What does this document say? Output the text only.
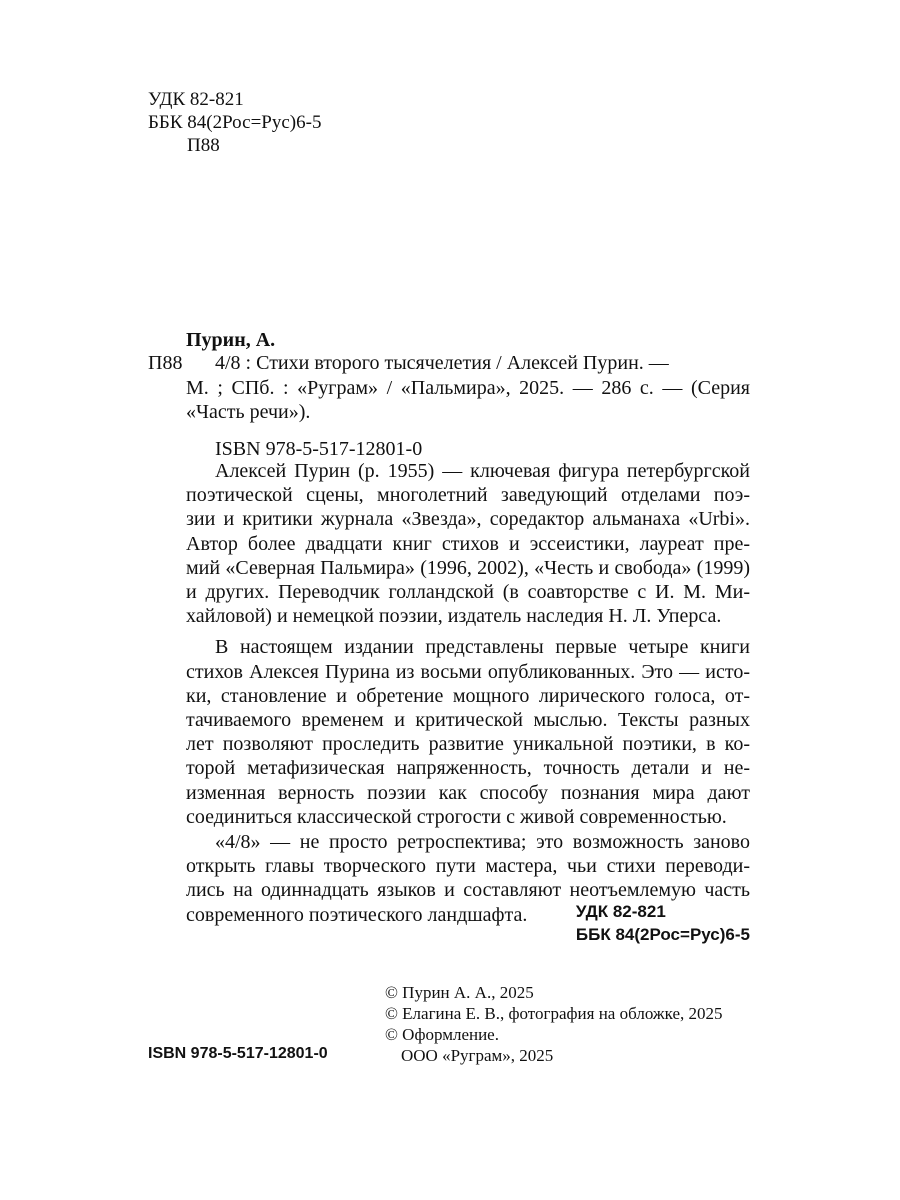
УДК 82-821
ББК 84(2Рос=Рус)6-5
П88
Пурин, А.
П88	4/8 : Стихи второго тысячелетия / Алексей Пурин. —
М. ; СПб. : «Руграм» / «Пальмира», 2025. — 286 с. — (Серия
«Часть речи»).
ISBN 978-5-517-12801-0
Алексей Пурин (р. 1955) — ключевая фигура петербургской
поэтической сцены, многолетний заведующий отделами поэ-
зии и критики журнала «Звезда», соредактор альманаха «Urbi».
Автор более двадцати книг стихов и эссеистики, лауреат пре-
мий «Северная Пальмира» (1996, 2002), «Честь и свобода» (1999)
и других. Переводчик голландской (в соавторстве с И. М. Ми-
хайловой) и немецкой поэзии, издатель наследия Н. Л. Уперса.
В настоящем издании представлены первые четыре книги
стихов Алексея Пурина из восьми опубликованных. Это — исто-
ки, становление и обретение мощного лирического голоса, от-
тачиваемого временем и критической мыслью. Тексты разных
лет позволяют проследить развитие уникальной поэтики, в ко-
торой метафизическая напряженность, точность детали и не-
изменная верность поэзии как способу познания мира дают
соединиться классической строгости с живой современностью.
«4/8» — не просто ретроспектива; это возможность заново
открыть главы творческого пути мастера, чьи стихи переводи-
лись на одиннадцать языков и составляют неотъемлемую часть
современного поэтического ландшафта.	УДК 82-821
ББК 84(2Рос=Рус)6-5
© Пурин А. А., 2025
© Елагина Е. В., фотография на обложке, 2025
© Оформление.
ООО «Руграм», 2025
ISBN 978-5-517-12801-0
